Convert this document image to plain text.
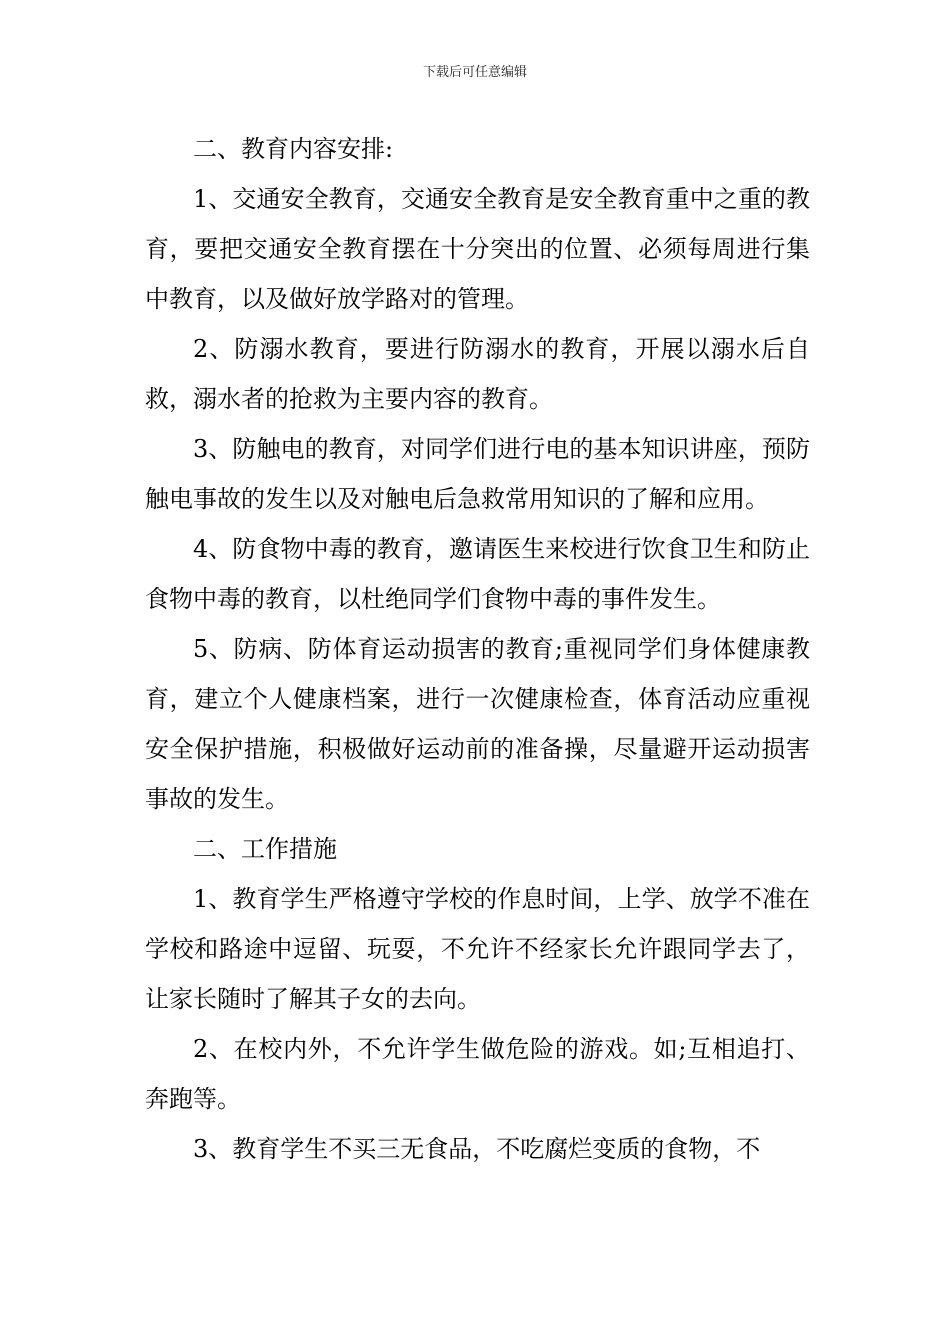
下载后可任意编辑

二、教育内容安排:

1、交通安全教育，交通安全教育是安全教育重中之重的教育，要把交通安全教育摆在十分突出的位置、必须每周进行集中教育，以及做好放学路对的管理。

2、防溺水教育，要进行防溺水的教育，开展以溺水后自救，溺水者的抢救为主要内容的教育。

3、防触电的教育，对同学们进行电的基本知识讲座，预防触电事故的发生以及对触电后急救常用知识的了解和应用。

4、防食物中毒的教育，邀请医生来校进行饮食卫生和防止食物中毒的教育，以杜绝同学们食物中毒的事件发生。

5、防病、防体育运动损害的教育;重视同学们身体健康教育，建立个人健康档案，进行一次健康检查，体育活动应重视安全保护措施，积极做好运动前的准备操，尽量避开运动损害事故的发生。

二、工作措施

1、教育学生严格遵守学校的作息时间，上学、放学不准在学校和路途中逗留、玩耍，不允许不经家长允许跟同学去了，让家长随时了解其子女的去向。

2、在校内外，不允许学生做危险的游戏。如;互相追打、奔跑等。

3、教育学生不买三无食品，不吃腐烂变质的食物，不
